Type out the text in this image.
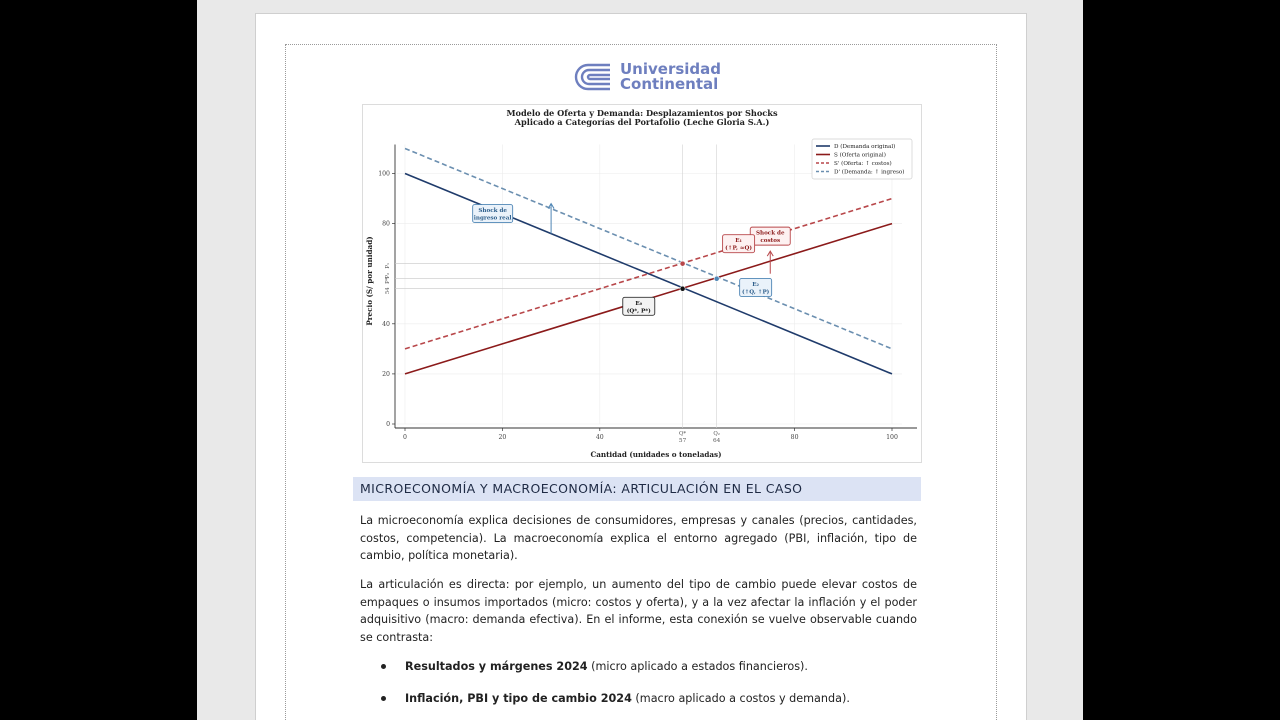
Universidad
Continental
Modelo de Oferta y Demanda: Desplazamientos por Shocks
Aplicado a Categorías del Portafolio (Leche Gloria S.A.)
Cantidad (unidades o toneladas)
Precio (S/ por unidad)
0	20	40	80	100
0
20
40
80
100
P₁
P₂
P*
54
Q*
57
Q₂
64
Shock de
ingreso real
Shock de
costos
E₀
(Q*, P*)
E₁
(↑P, ≈Q)
E₂
(↑Q, ↑P)
D (Demanda original)
S (Oferta original)
S' (Oferta: ↑ costos)
D' (Demanda: ↑ ingreso)
MICROECONOMÍA Y MACROECONOMÍA: ARTICULACIÓN EN EL CASO

La microeconomía explica decisiones de consumidores, empresas y canales (precios, cantidades, costos, competencia). La macroeconomía explica el entorno agregado (PBI, inflación, tipo de cambio, política monetaria).

La articulación es directa: por ejemplo, un aumento del tipo de cambio puede elevar costos de empaques o insumos importados (micro: costos y oferta), y a la vez afectar la inflación y el poder adquisitivo (macro: demanda efectiva). En el informe, esta conexión se vuelve observable cuando se contrasta:

Resultados y márgenes 2024 (micro aplicado a estados financieros).
Inflación, PBI y tipo de cambio 2024 (macro aplicado a costos y demanda).
